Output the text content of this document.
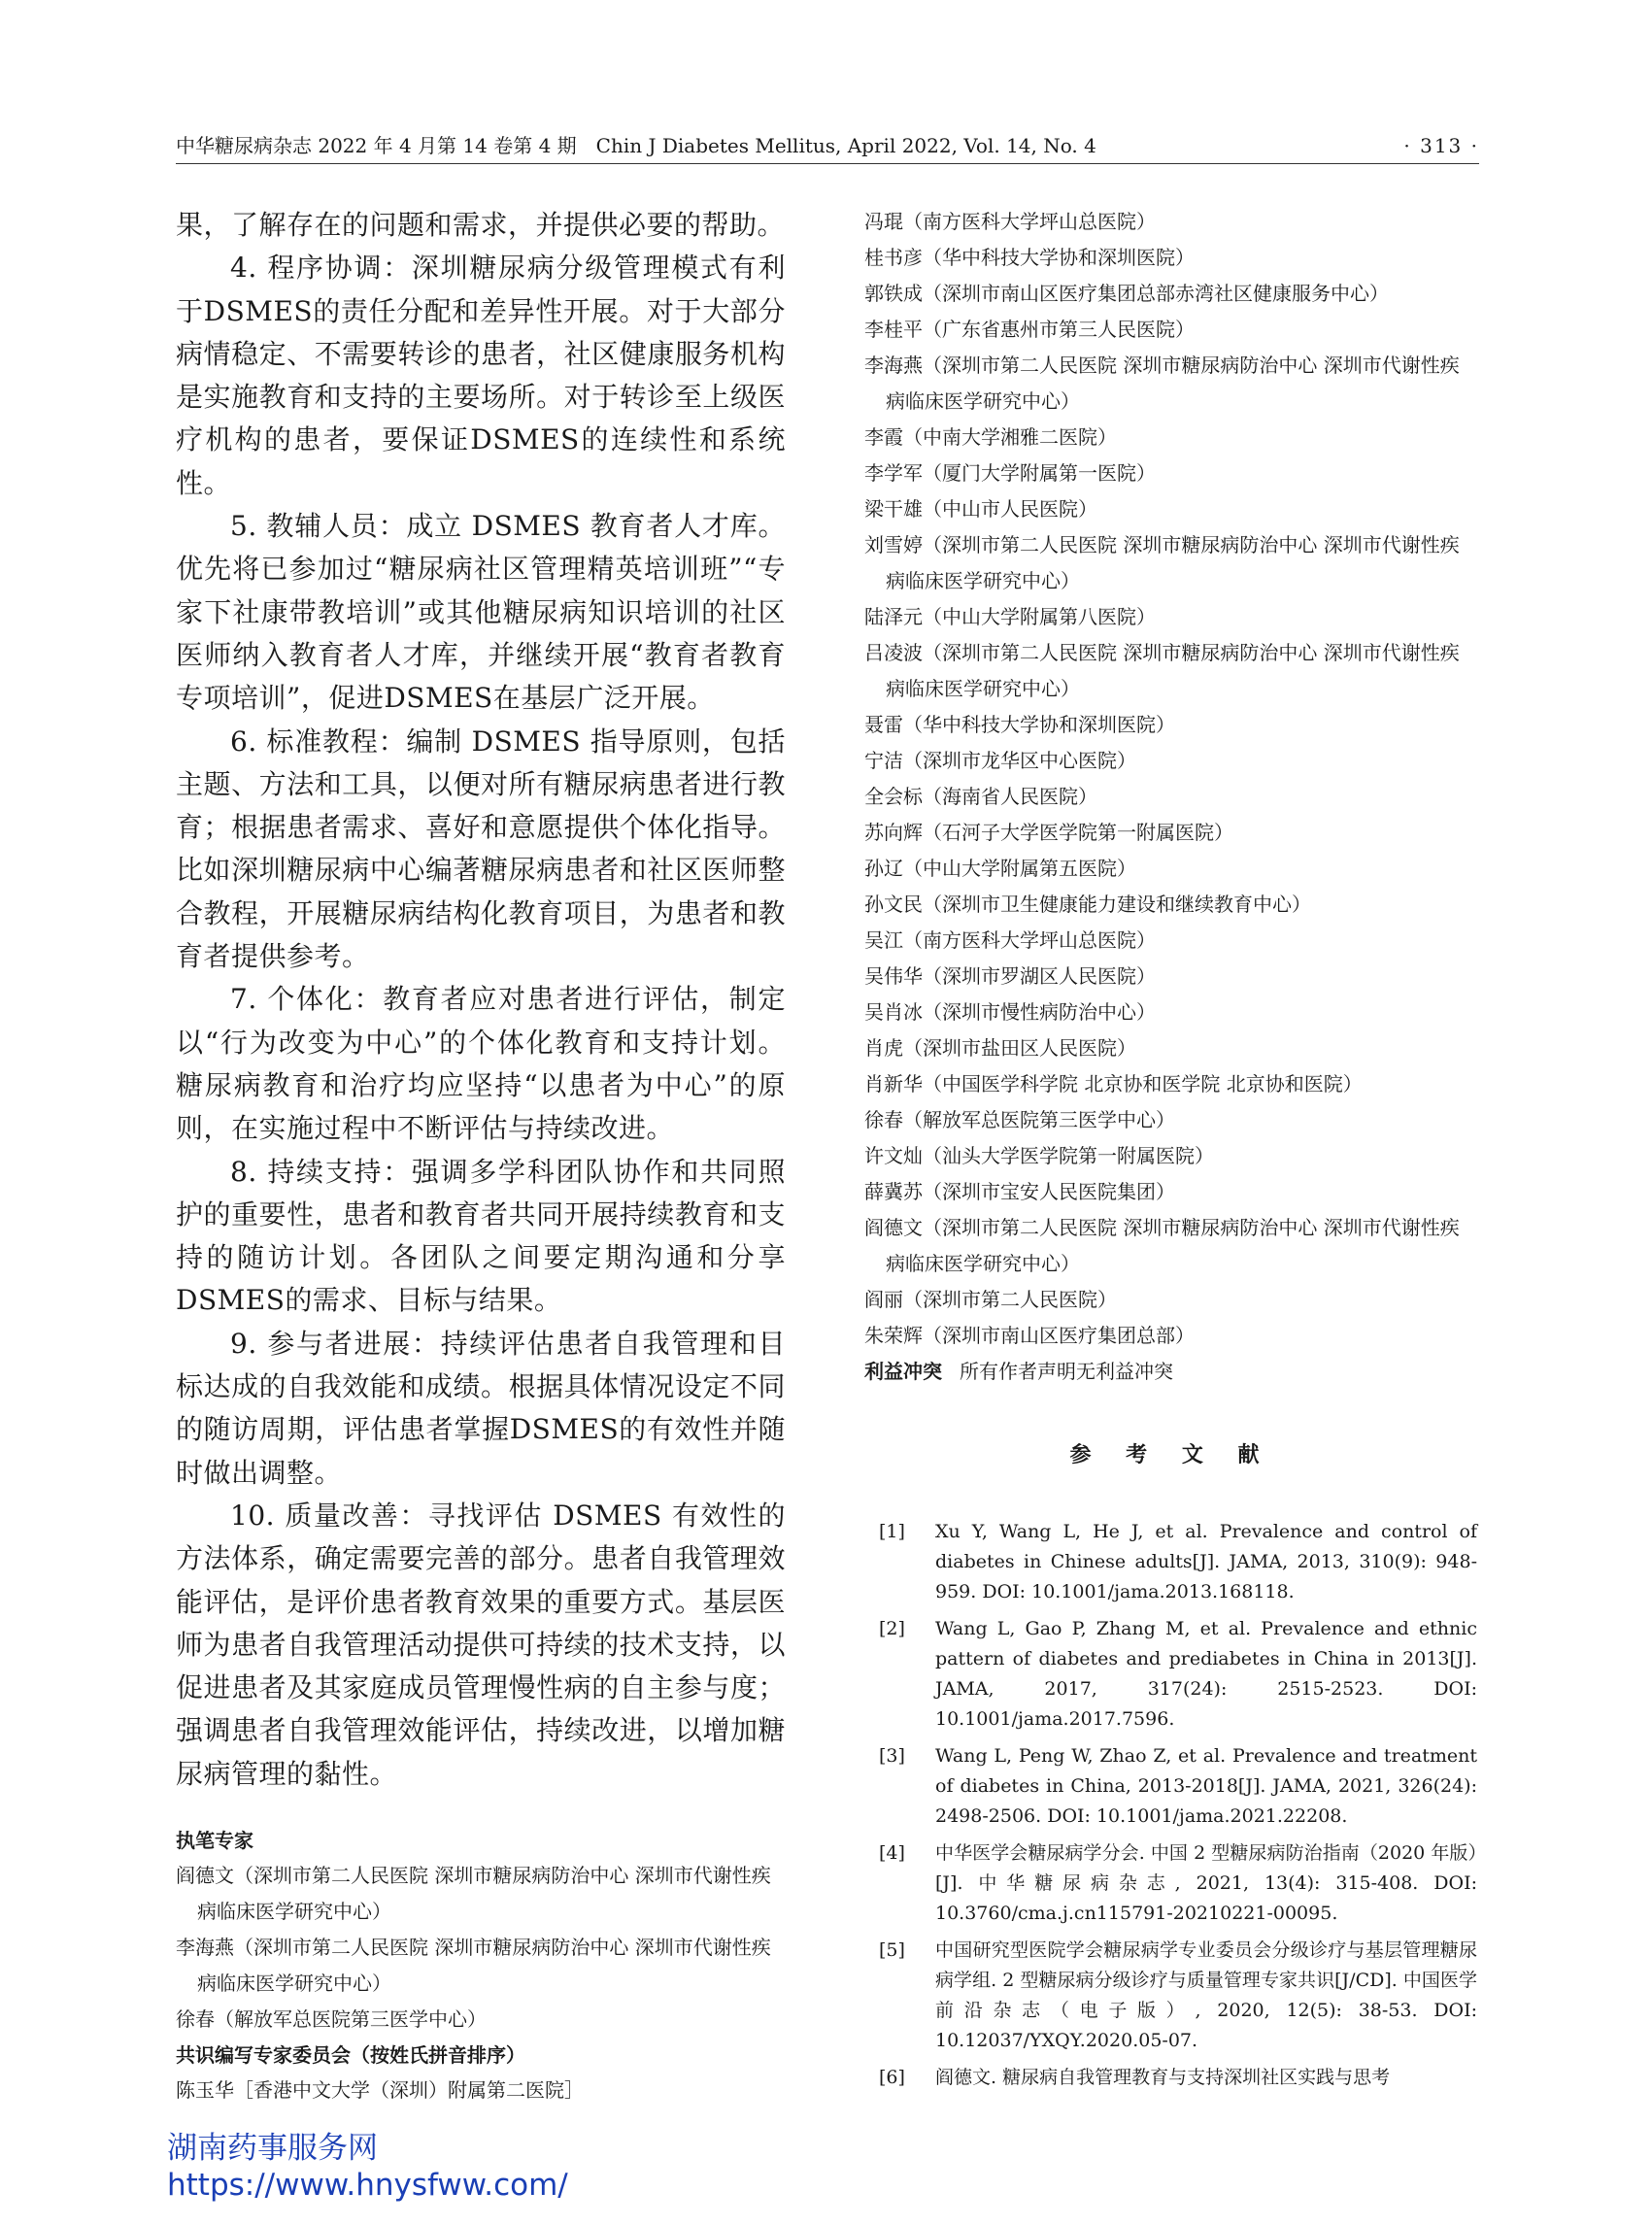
中华糖尿病杂志 2022 年 4 月第 14 卷第 4 期　Chin J Diabetes Mellitus, April 2022, Vol. 14, No. 4	· 313 ·

果，了解存在的问题和需求，并提供必要的帮助。

4. 程序协调：深圳糖尿病分级管理模式有利于DSMES的责任分配和差异性开展。对于大部分病情稳定、不需要转诊的患者，社区健康服务机构是实施教育和支持的主要场所。对于转诊至上级医疗机构的患者，要保证DSMES的连续性和系统性。

5. 教辅人员：成立 DSMES 教育者人才库。优先将已参加过“糖尿病社区管理精英培训班”“专家下社康带教培训”或其他糖尿病知识培训的社区医师纳入教育者人才库，并继续开展“教育者教育专项培训”，促进DSMES在基层广泛开展。

6. 标准教程：编制 DSMES 指导原则，包括主题、方法和工具，以便对所有糖尿病患者进行教育；根据患者需求、喜好和意愿提供个体化指导。比如深圳糖尿病中心编著糖尿病患者和社区医师整合教程，开展糖尿病结构化教育项目，为患者和教育者提供参考。

7. 个体化：教育者应对患者进行评估，制定以“行为改变为中心”的个体化教育和支持计划。糖尿病教育和治疗均应坚持“以患者为中心”的原则，在实施过程中不断评估与持续改进。

8. 持续支持：强调多学科团队协作和共同照护的重要性，患者和教育者共同开展持续教育和支持的随访计划。各团队之间要定期沟通和分享DSMES的需求、目标与结果。

9. 参与者进展：持续评估患者自我管理和目标达成的自我效能和成绩。根据具体情况设定不同的随访周期，评估患者掌握DSMES的有效性并随时做出调整。

10. 质量改善：寻找评估 DSMES 有效性的方法体系，确定需要完善的部分。患者自我管理效能评估，是评价患者教育效果的重要方式。基层医师为患者自我管理活动提供可持续的技术支持，以促进患者及其家庭成员管理慢性病的自主参与度；强调患者自我管理效能评估，持续改进，以增加糖尿病管理的黏性。

执笔专家

阎德文（深圳市第二人民医院 深圳市糖尿病防治中心 深圳市代谢性疾病临床医学研究中心）

李海燕（深圳市第二人民医院 深圳市糖尿病防治中心 深圳市代谢性疾病临床医学研究中心）

徐春（解放军总医院第三医学中心）

共识编写专家委员会（按姓氏拼音排序）

陈玉华［香港中文大学（深圳）附属第二医院］

冯琨（南方医科大学坪山总医院）

桂书彦（华中科技大学协和深圳医院）

郭铁成（深圳市南山区医疗集团总部赤湾社区健康服务中心）

李桂平（广东省惠州市第三人民医院）

李海燕（深圳市第二人民医院 深圳市糖尿病防治中心 深圳市代谢性疾病临床医学研究中心）

李霞（中南大学湘雅二医院）

李学军（厦门大学附属第一医院）

梁干雄（中山市人民医院）

刘雪婷（深圳市第二人民医院 深圳市糖尿病防治中心 深圳市代谢性疾病临床医学研究中心）

陆泽元（中山大学附属第八医院）

吕凌波（深圳市第二人民医院 深圳市糖尿病防治中心 深圳市代谢性疾病临床医学研究中心）

聂雷（华中科技大学协和深圳医院）

宁洁（深圳市龙华区中心医院）

全会标（海南省人民医院）

苏向辉（石河子大学医学院第一附属医院）

孙辽（中山大学附属第五医院）

孙文民（深圳市卫生健康能力建设和继续教育中心）

吴江（南方医科大学坪山总医院）

吴伟华（深圳市罗湖区人民医院）

吴肖冰（深圳市慢性病防治中心）

肖虎（深圳市盐田区人民医院）

肖新华（中国医学科学院 北京协和医学院 北京协和医院）

徐春（解放军总医院第三医学中心）

许文灿（汕头大学医学院第一附属医院）

薛冀苏（深圳市宝安人民医院集团）

阎德文（深圳市第二人民医院 深圳市糖尿病防治中心 深圳市代谢性疾病临床医学研究中心）

阎丽（深圳市第二人民医院）

朱荣辉（深圳市南山区医疗集团总部）

利益冲突 所有作者声明无利益冲突

参 考 文 献

[1] Xu Y, Wang L, He J, et al. Prevalence and control of diabetes in Chinese adults[J]. JAMA, 2013, 310(9): 948-959. DOI: 10.1001/jama.2013.168118.

[2] Wang L, Gao P, Zhang M, et al. Prevalence and ethnic pattern of diabetes and prediabetes in China in 2013[J]. JAMA, 2017, 317(24): 2515-2523. DOI: 10.1001/jama.2017.7596.

[3] Wang L, Peng W, Zhao Z, et al. Prevalence and treatment of diabetes in China, 2013-2018[J]. JAMA, 2021, 326(24): 2498-2506. DOI: 10.1001/jama.2021.22208.

[4] 中华医学会糖尿病学分会. 中国 2 型糖尿病防治指南（2020 年版）[J]. 中华糖尿病杂志, 2021, 13(4): 315-408. DOI: 10.3760/cma.j.cn115791-20210221-00095.

[5] 中国研究型医院学会糖尿病学专业委员会分级诊疗与基层管理糖尿病学组. 2 型糖尿病分级诊疗与质量管理专家共识[J/CD]. 中国医学前沿杂志（电子版）, 2020, 12(5): 38-53. DOI: 10.12037/YXQY.2020.05-07.

[6] 阎德文. 糖尿病自我管理教育与支持深圳社区实践与思考

湖南药事服务网
https://www.hnysfww.com/
